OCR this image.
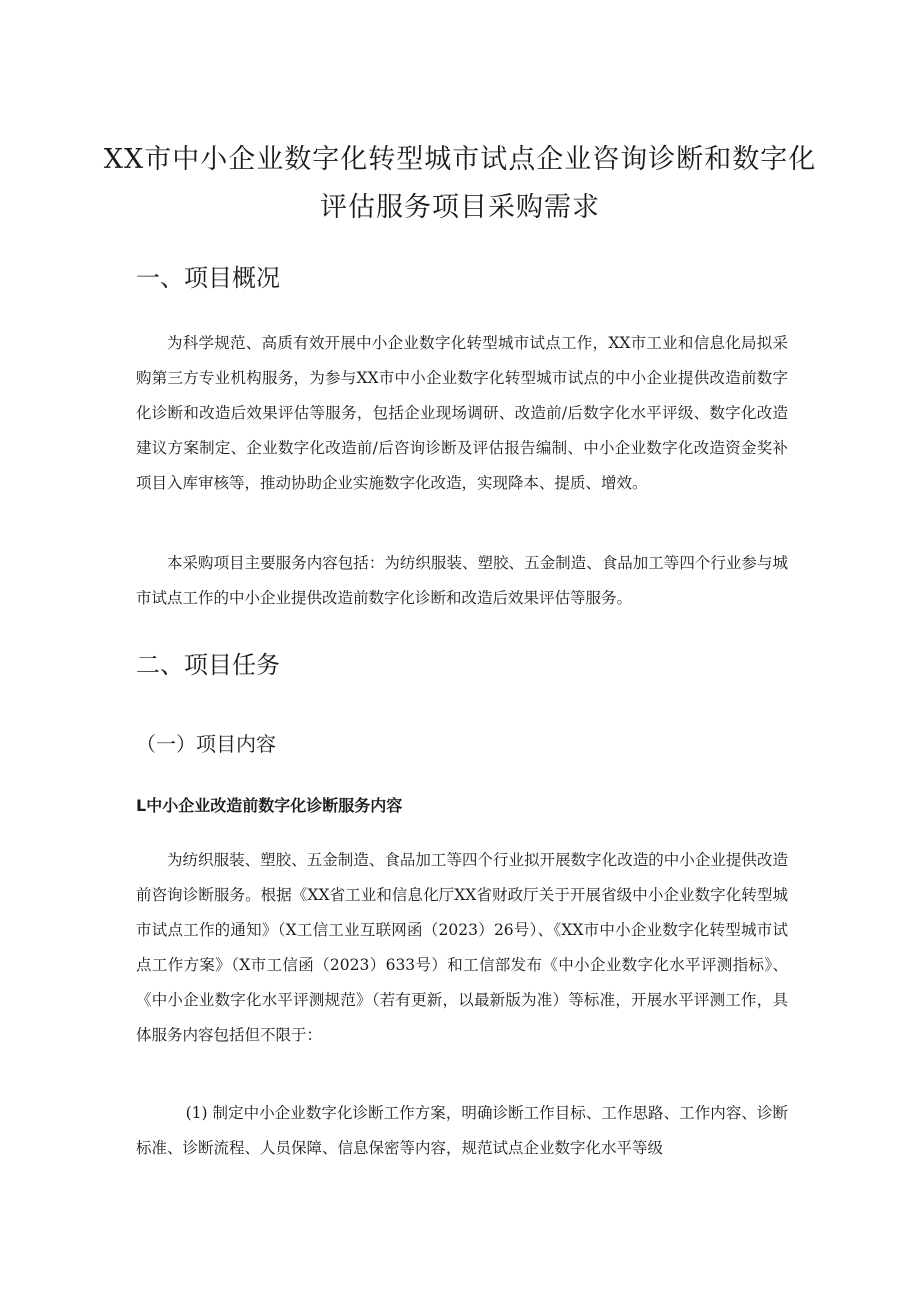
XX市中小企业数字化转型城市试点企业咨询诊断和数字化
评估服务项目采购需求
一、项目概况

为科学规范、高质有效开展中小企业数字化转型城市试点工作，XX市工业和信息化局拟采购第三方专业机构服务，为参与XX市中小企业数字化转型城市试点的中小企业提供改造前数字化诊断和改造后效果评估等服务，包括企业现场调研、改造前/后数字化水平评级、数字化改造建议方案制定、企业数字化改造前/后咨询诊断及评估报告编制、中小企业数字化改造资金奖补项目入库审核等，推动协助企业实施数字化改造，实现降本、提质、增效。

本采购项目主要服务内容包括：为纺织服装、塑胶、五金制造、食品加工等四个行业参与城市试点工作的中小企业提供改造前数字化诊断和改造后效果评估等服务。

二、项目任务
（一）项目内容
L中小企业改造前数字化诊断服务内容

为纺织服装、塑胶、五金制造、食品加工等四个行业拟开展数字化改造的中小企业提供改造前咨询诊断服务。根据《XX省工业和信息化厅XX省财政厅关于开展省级中小企业数字化转型城市试点工作的通知》（X工信工业互联网函（2023）26号）、《XX市中小企业数字化转型城市试点工作方案》（X市工信函（2023）633号）和工信部发布《中小企业数字化水平评测指标》、《中小企业数字化水平评测规范》（若有更新，以最新版为准）等标准，开展水平评测工作，具体服务内容包括但不限于：

(1) 制定中小企业数字化诊断工作方案，明确诊断工作目标、工作思路、工作内容、诊断标准、诊断流程、人员保障、信息保密等内容，规范试点企业数字化水平等级
